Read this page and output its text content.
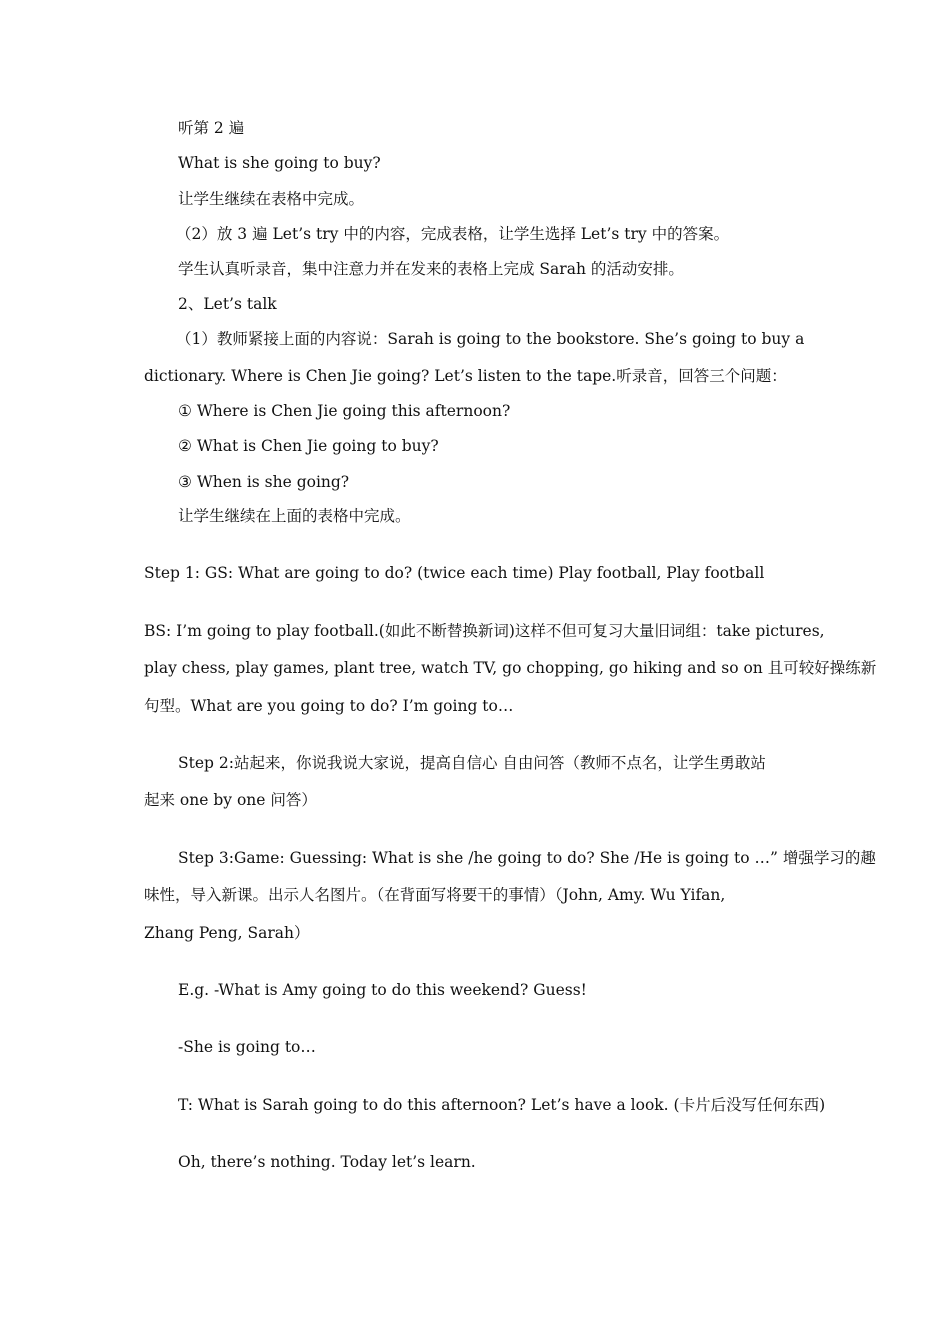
听第 2 遍
What is she going to buy?
让学生继续在表格中完成。
（2）放 3 遍 Let’s try 中的内容，完成表格，让学生选择 Let’s try 中的答案。
学生认真听录音，集中注意力并在发来的表格上完成 Sarah 的活动安排。
2、Let’s talk
（1）教师紧接上面的内容说：Sarah is going to the bookstore. She’s going to buy a
dictionary. Where is Chen Jie going? Let’s listen to the tape.听录音，回答三个问题：
① Where is Chen Jie going this afternoon?
② What is Chen Jie going to buy?
③ When is she going?
让学生继续在上面的表格中完成。
Step 1: GS: What are going to do? (twice each time) Play football, Play football
BS: I’m going to play football.(如此不断替换新词)这样不但可复习大量旧词组：take pictures,
play chess, play games, plant tree, watch TV, go chopping, go hiking and so on 且可较好操练新
句型。What are you going to do? I’m going to…
Step 2:站起来，你说我说大家说，提高自信心 自由问答（教师不点名，让学生勇敢站
起来 one by one 问答）
Step 3:Game: Guessing: What is she /he going to do? She /He is going to …” 增强学习的趣
味性，导入新课。出示人名图片。（在背面写将要干的事情）（John, Amy. Wu Yifan,
Zhang Peng, Sarah）
E.g. -What is Amy going to do this weekend? Guess!
-She is going to…
T: What is Sarah going to do this afternoon? Let’s have a look. (卡片后没写任何东西)
Oh, there’s nothing. Today let’s learn.
